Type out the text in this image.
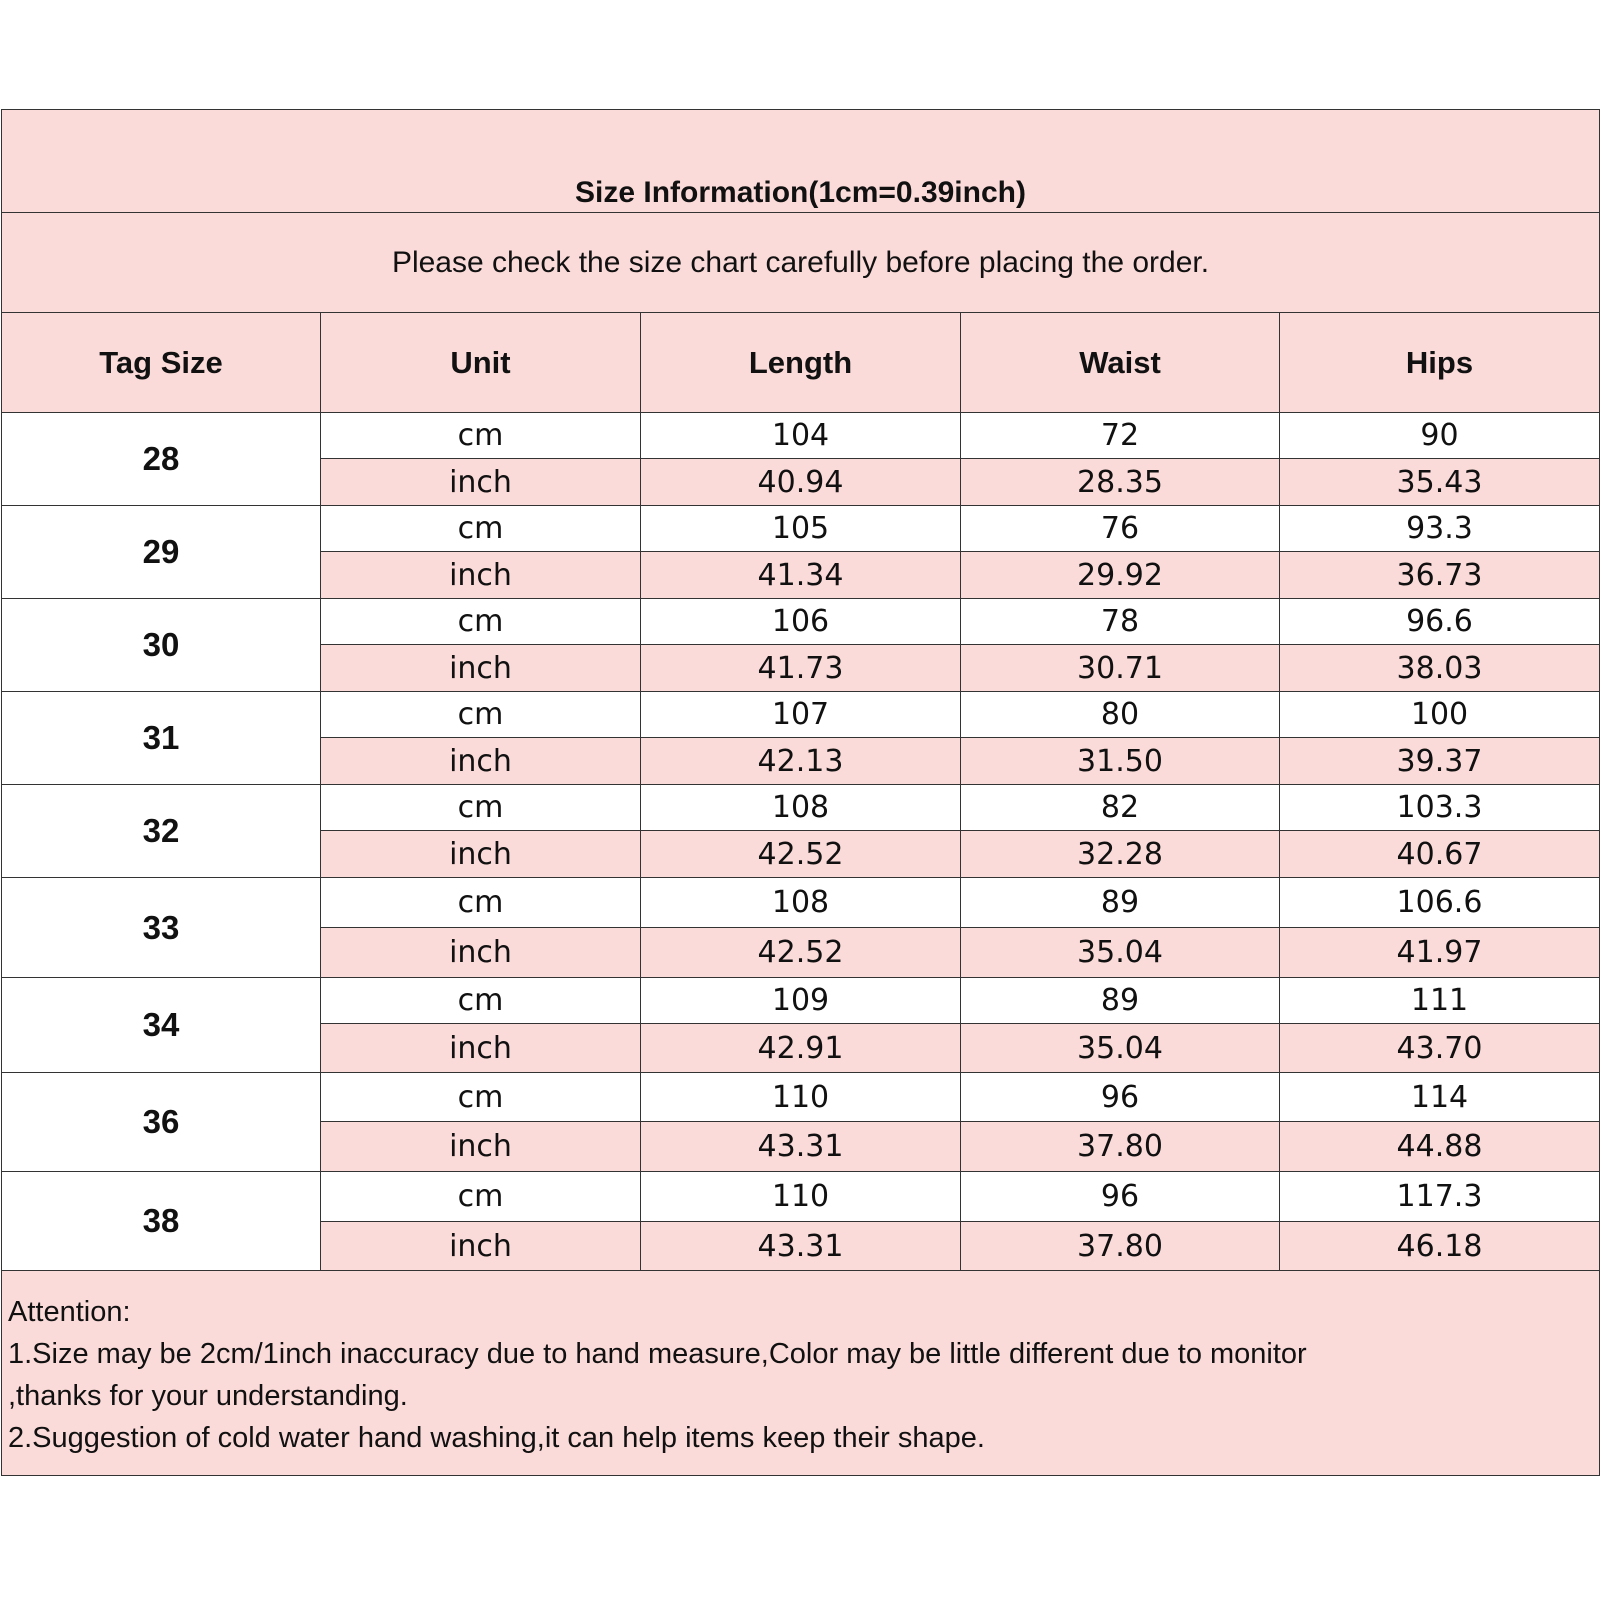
Size Information(1cm=0.39inch)				
Please check the size chart carefully before placing the order.				
Tag Size	Unit	Length	Waist	Hips
28	cm	104	72	90
	inch	40.94	28.35	35.43
29	cm	105	76	93.3
	inch	41.34	29.92	36.73
30	cm	106	78	96.6
	inch	41.73	30.71	38.03
31	cm	107	80	100
	inch	42.13	31.50	39.37
32	cm	108	82	103.3
	inch	42.52	32.28	40.67
33	cm	108	89	106.6
	inch	42.52	35.04	41.97
34	cm	109	89	111
	inch	42.91	35.04	43.70
36	cm	110	96	114
	inch	43.31	37.80	44.88
38	cm	110	96	117.3
	inch	43.31	37.80	46.18

Attention:
1.Size may be 2cm/1inch inaccuracy due to hand measure,Color may be little different due to monitor
,thanks for your understanding.
2.Suggestion of cold water hand washing,it can help items keep their shape.				
